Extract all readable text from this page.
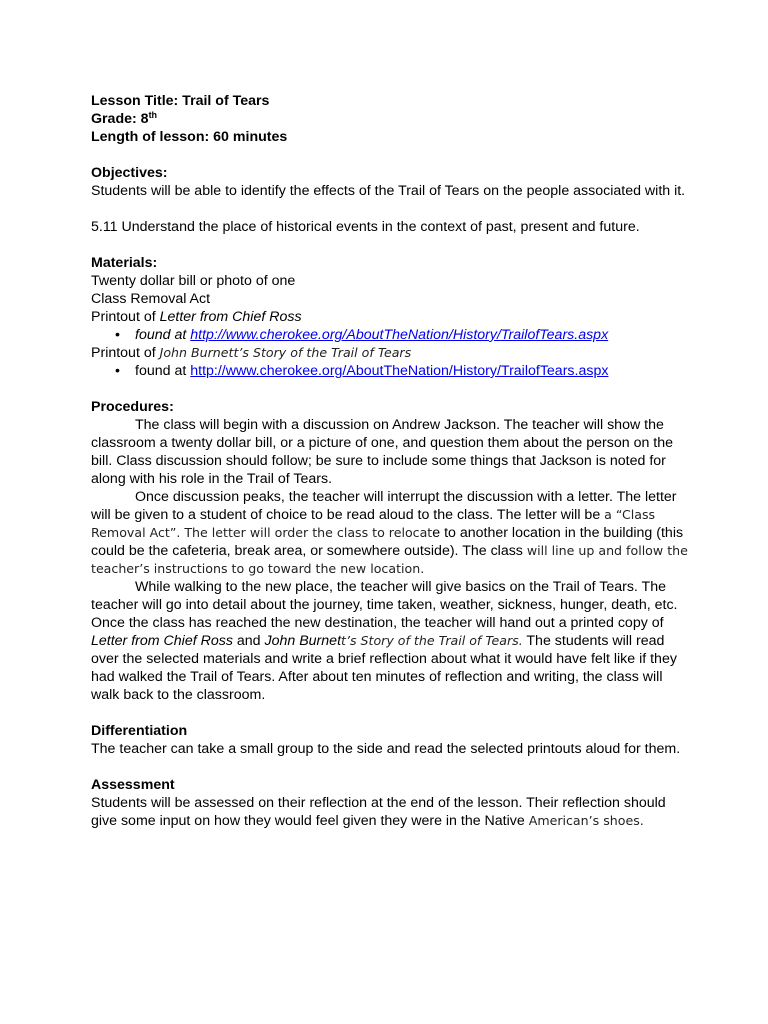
Lesson Title: Trail of Tears

Grade: 8th

Length of lesson: 60 minutes

Objectives:

Students will be able to identify the effects of the Trail of Tears on the people associated with it.

5.11 Understand the place of historical events in the context of past, present and future.

Materials:

Twenty dollar bill or photo of one

Class Removal Act

Printout of Letter from Chief Ross

• found at http://www.cherokee.org/AboutTheNation/History/TrailofTears.aspx

Printout of John Burnett’s Story of the Trail of Tears

• found at http://www.cherokee.org/AboutTheNation/History/TrailofTears.aspx

Procedures:

The class will begin with a discussion on Andrew Jackson. The teacher will show the classroom a twenty dollar bill, or a picture of one, and question them about the person on the bill. Class discussion should follow; be sure to include some things that Jackson is noted for along with his role in the Trail of Tears.

Once discussion peaks, the teacher will interrupt the discussion with a letter. The letter will be given to a student of choice to be read aloud to the class. The letter will be a “Class Removal Act”. The letter will order the class to relocate to another location in the building (this could be the cafeteria, break area, or somewhere outside). The class will line up and follow the teacher’s instructions to go toward the new location.

While walking to the new place, the teacher will give basics on the Trail of Tears. The teacher will go into detail about the journey, time taken, weather, sickness, hunger, death, etc. Once the class has reached the new destination, the teacher will hand out a printed copy of Letter from Chief Ross and John Burnett’s Story of the Trail of Tears. The students will read over the selected materials and write a brief reflection about what it would have felt like if they had walked the Trail of Tears. After about ten minutes of reflection and writing, the class will walk back to the classroom.

Differentiation

The teacher can take a small group to the side and read the selected printouts aloud for them.

Assessment

Students will be assessed on their reflection at the end of the lesson. Their reflection should give some input on how they would feel given they were in the Native American’s shoes.
